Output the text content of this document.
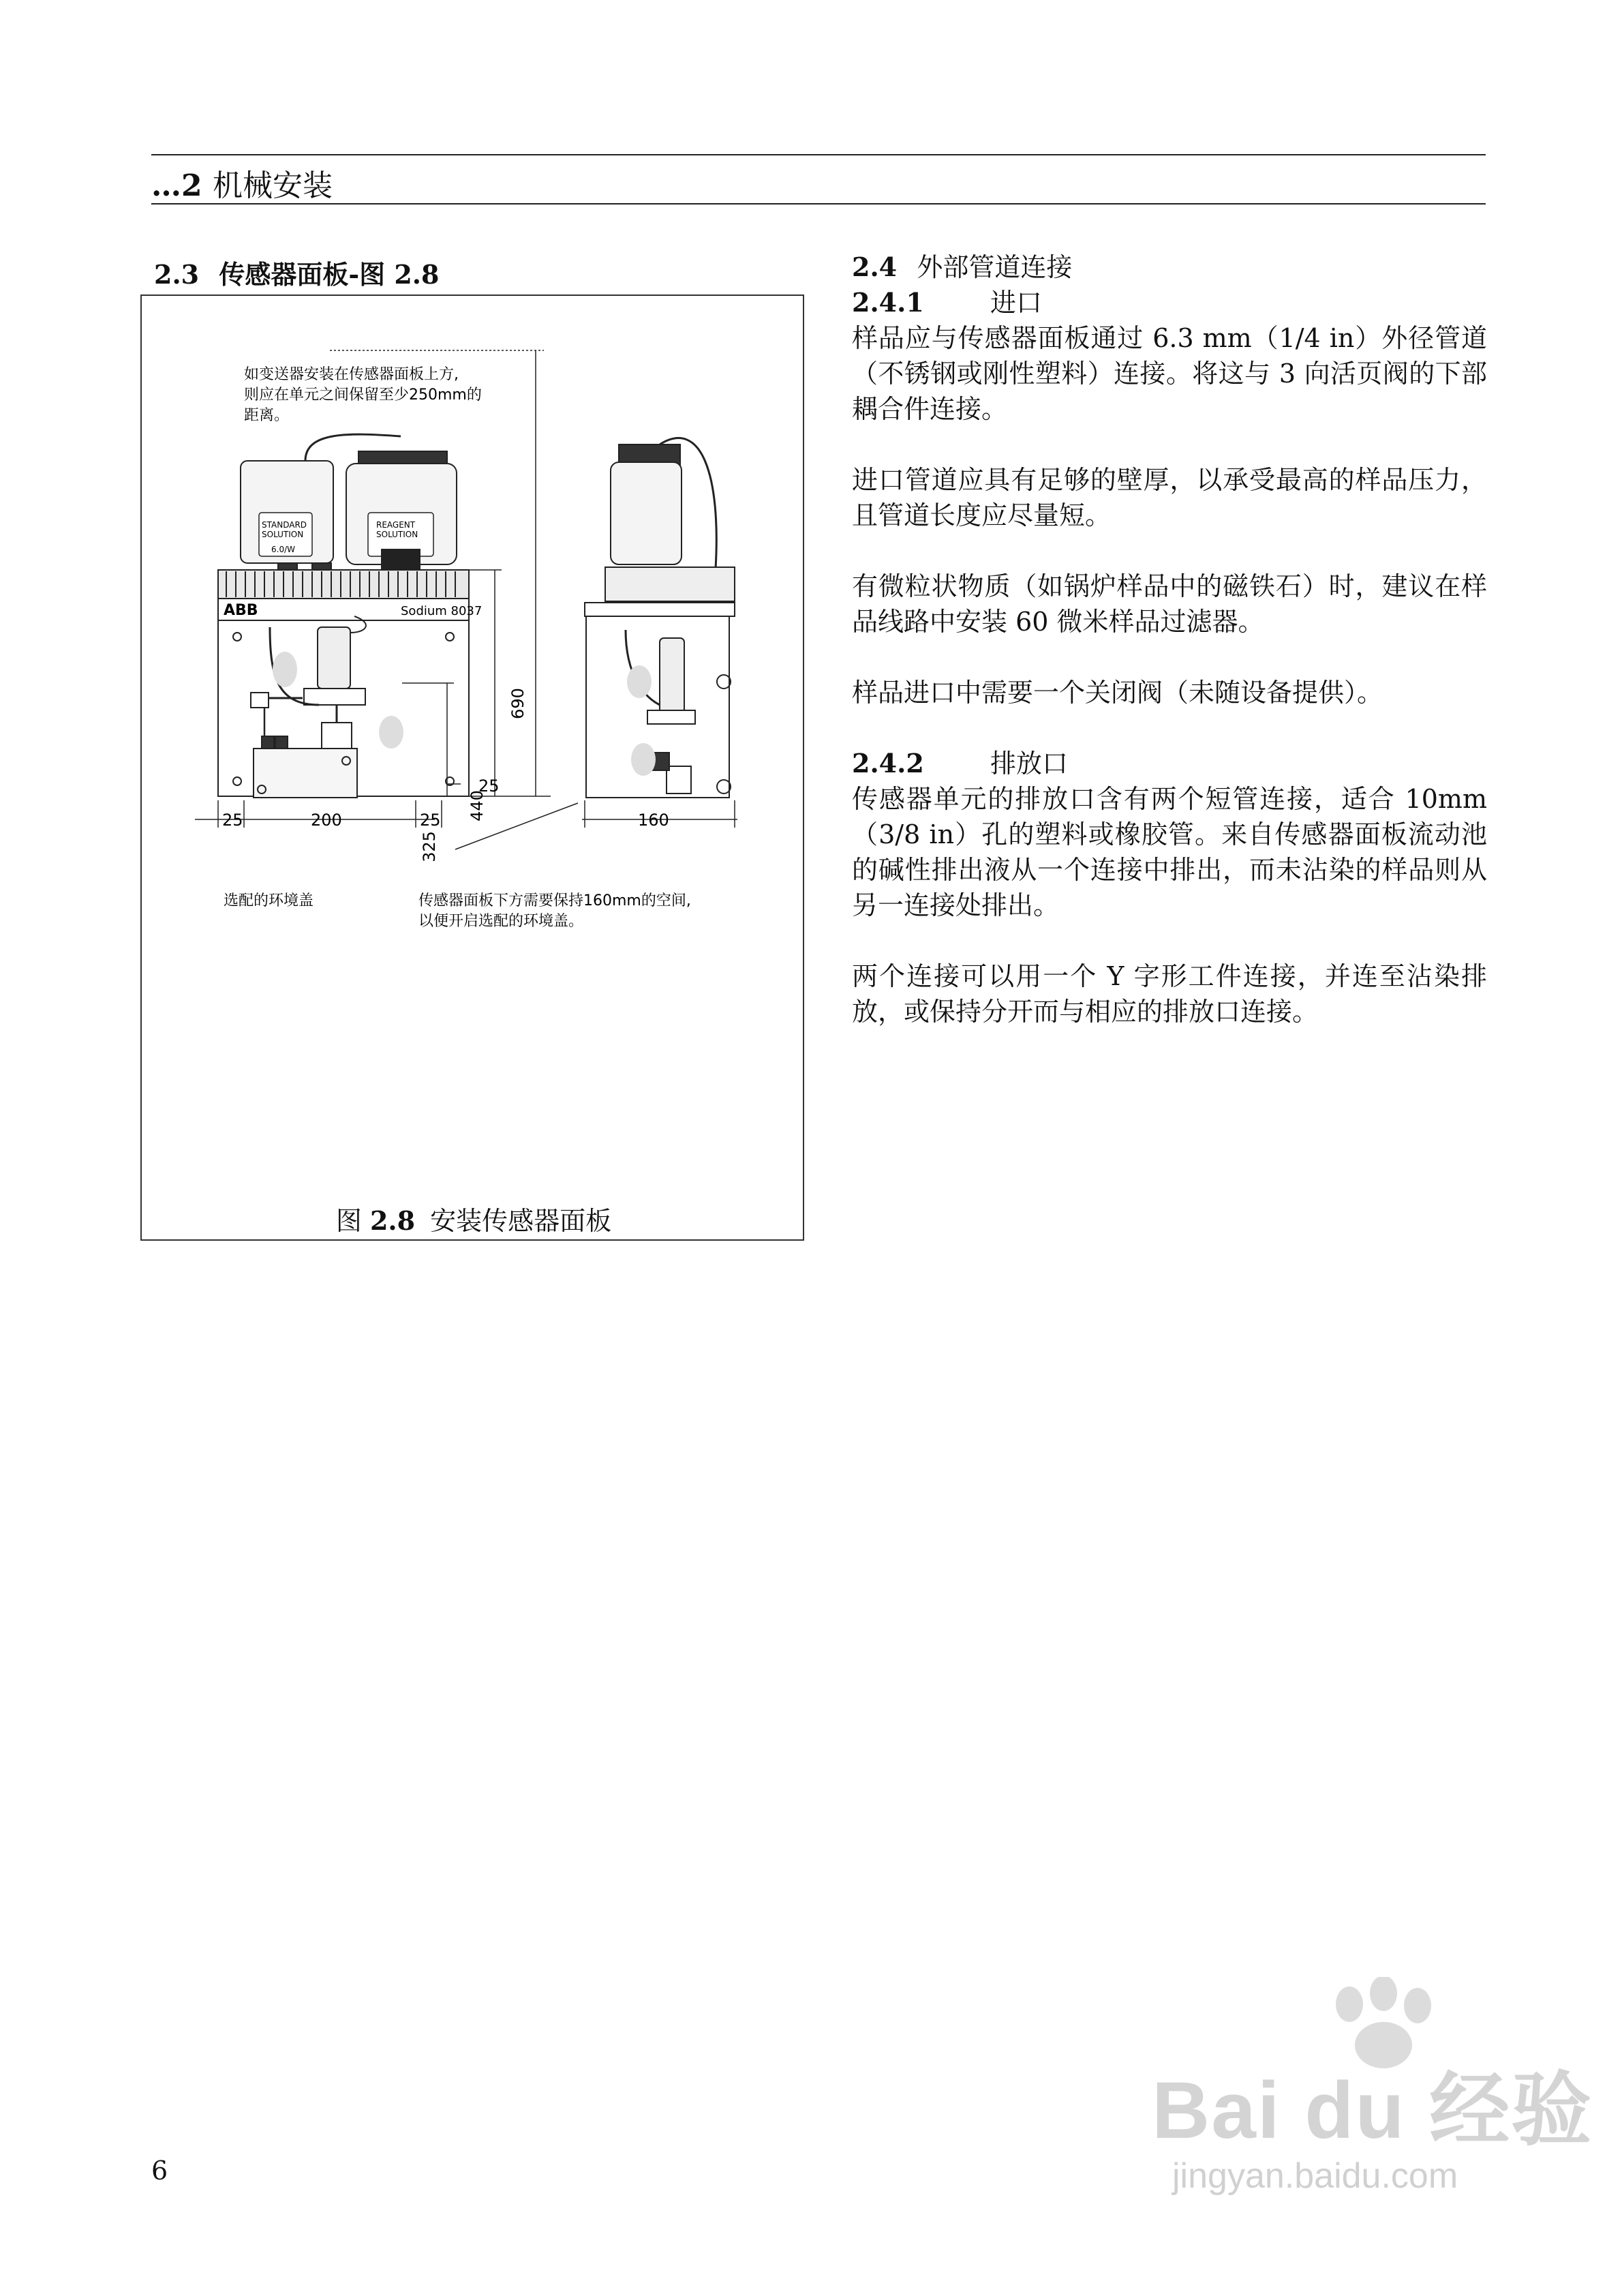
…2 机械安装
2.3 传感器面板-图 2.8
如变送器安装在传感器面板上方,
则应在单元之间保留至少250mm的
距离。
ABB	Sodium 8037
STANDARD
SOLUTION
6.0/W
REAGENT
SOLUTION
690
440
325
25
25	200	25	160
选配的环境盖	传感器面板下方需要保持160mm的空间,
以便开启选配的环境盖。
图 2.8 安装传感器面板
2.4 外部管道连接
2.4.1	进口

样品应与传感器面板通过 6.3 mm（1/4 in）外径管道（不锈钢或刚性塑料）连接。将这与 3 向活页阀的下部耦合件连接。

进口管道应具有足够的壁厚，以承受最高的样品压力，且管道长度应尽量短。

有微粒状物质（如锅炉样品中的磁铁石）时，建议在样品线路中安装 60 微米样品过滤器。

样品进口中需要一个关闭阀（未随设备提供）。

2.4.2	排放口

传感器单元的排放口含有两个短管连接，适合 10mm（3/8 in）孔的塑料或橡胶管。来自传感器面板流动池的碱性排出液从一个连接中排出，而未沾染的样品则从另一连接处排出。

两个连接可以用一个 Y 字形工件连接，并连至沾染排放，或保持分开而与相应的排放口连接。

6
Bai du 经验
jingyan.baidu.com
